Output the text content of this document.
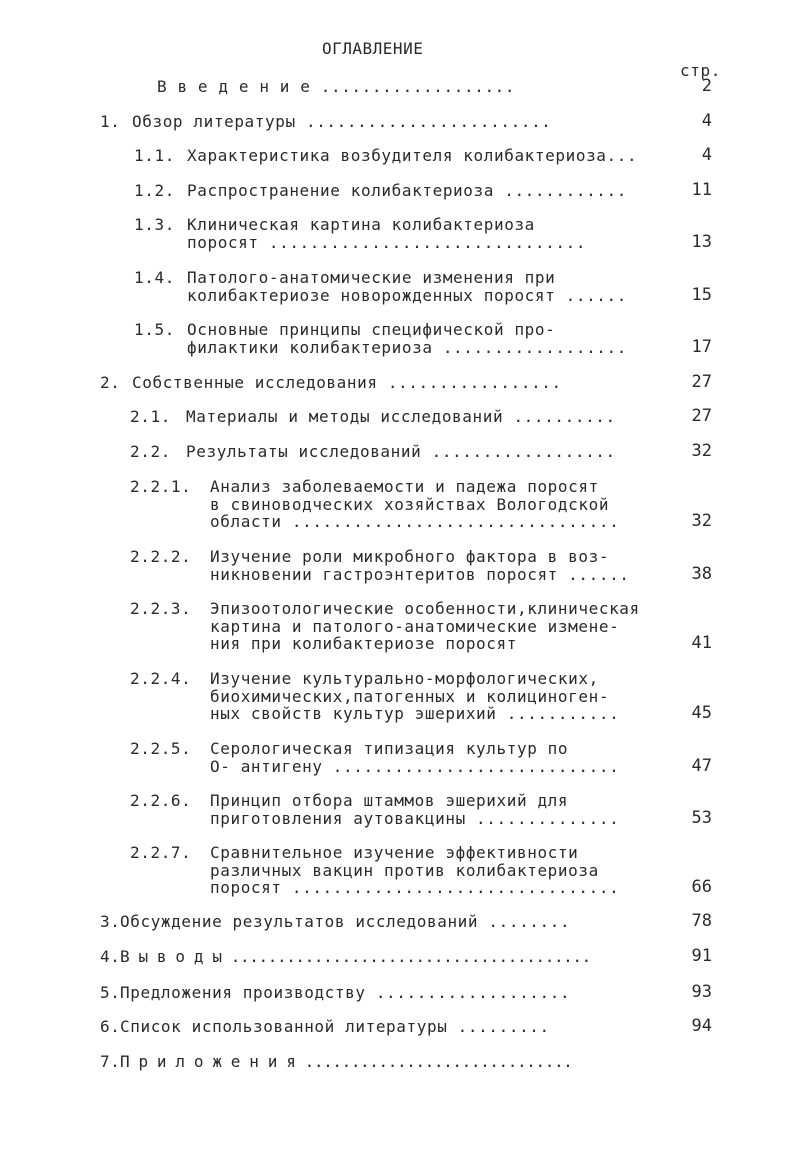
ОГЛАВЛЕНИЕ
стр.
В в е д е н и е ...................	2
1. Обзор литературы ........................	4
1.1. Характеристика возбудителя колибактериоза...	4
1.2. Распространение колибактериоза ............	11
1.3. Клиническая картина колибактериоза
поросят ...............................	13
1.4. Патолого-анатомические изменения при
колибактериозе новорожденных поросят ......	15
1.5. Основные принципы специфической про-
филактики колибактериоза ..................	17
2. Собственные исследования .................	27
2.1. Материалы и методы исследований ..........	27
2.2. Результаты исследований ..................	32
2.2.1. Анализ заболеваемости и падежа поросят
в свиноводческих хозяйствах Вологодской
области ................................	32
2.2.2. Изучение роли микробного фактора в воз-
никновении гастроэнтеритов поросят ......	38
2.2.3. Эпизоотологические особенности,клиническая
картина и патолого-анатомические измене-
ния при колибактериозе поросят	41
2.2.4. Изучение культурально-морфологических,
биохимических,патогенных и колициноген-
ных свойств культур эшерихий ...........	45
2.2.5. Серологическая типизация культур по
О- антигену ............................	47
2.2.6. Принцип отбора штаммов эшерихий для
приготовления аутовакцины ..............	53
2.2.7. Сравнительное изучение эффективности
различных вакцин против колибактериоза
поросят ................................	66
3. Обсуждение результатов исследований ........	78
4. В ы в о д ы .......................................	91
5. Предложения производству ...................	93
6. Список использованной литературы .........	94
7. П р и л о ж е н и я .............................
